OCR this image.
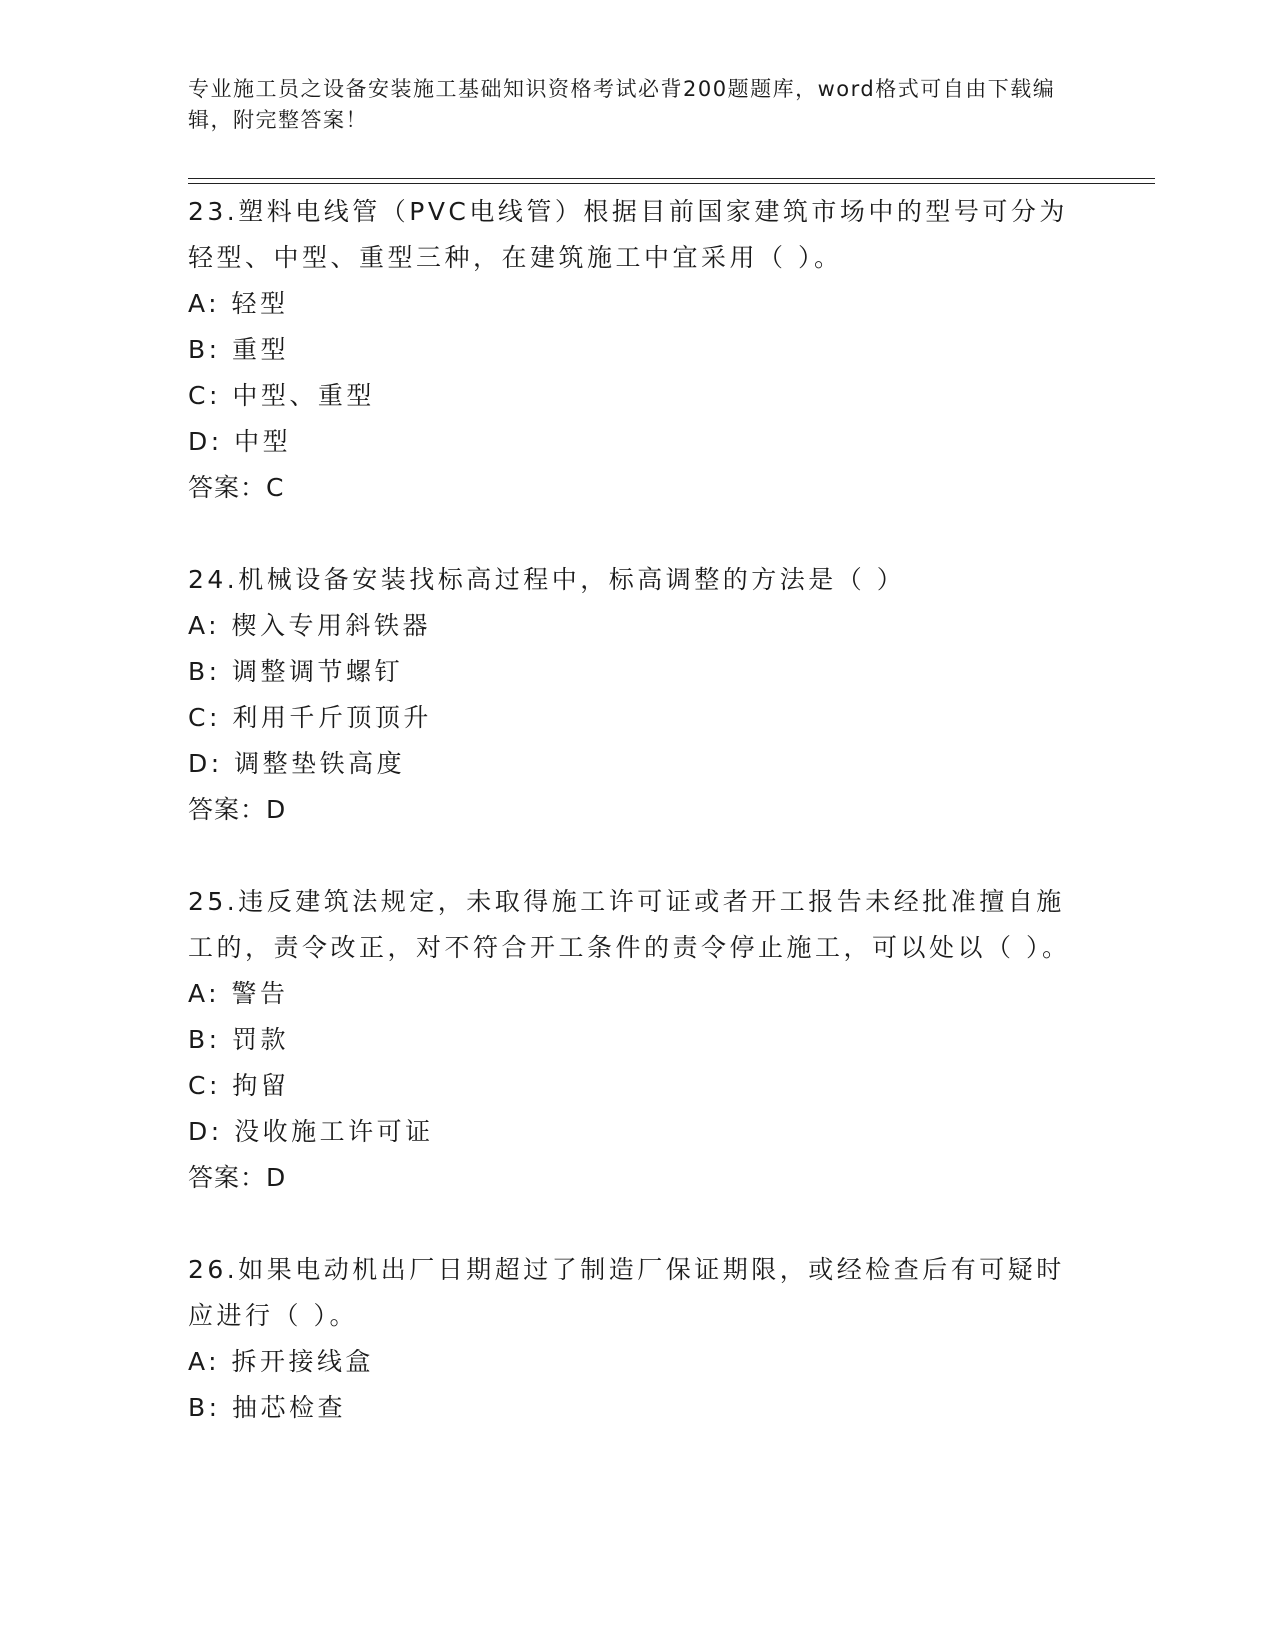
专业施工员之设备安装施工基础知识资格考试必背200题题库，word格式可自由下载编辑，附完整答案！
23.塑料电线管（PVC电线管）根据目前国家建筑市场中的型号可分为轻型、中型、重型三种，在建筑施工中宜采用（ ）。
A: 轻型
B: 重型
C: 中型、重型
D: 中型
答案：C
24.机械设备安装找标高过程中，标高调整的方法是（ ）
A: 楔入专用斜铁器
B: 调整调节螺钉
C: 利用千斤顶顶升
D: 调整垫铁高度
答案：D
25.违反建筑法规定，未取得施工许可证或者开工报告未经批准擅自施工的，责令改正，对不符合开工条件的责令停止施工，可以处以（ ）。
A: 警告
B: 罚款
C: 拘留
D: 没收施工许可证
答案：D
26.如果电动机出厂日期超过了制造厂保证期限，或经检查后有可疑时应进行（ ）。
A: 拆开接线盒
B: 抽芯检查
